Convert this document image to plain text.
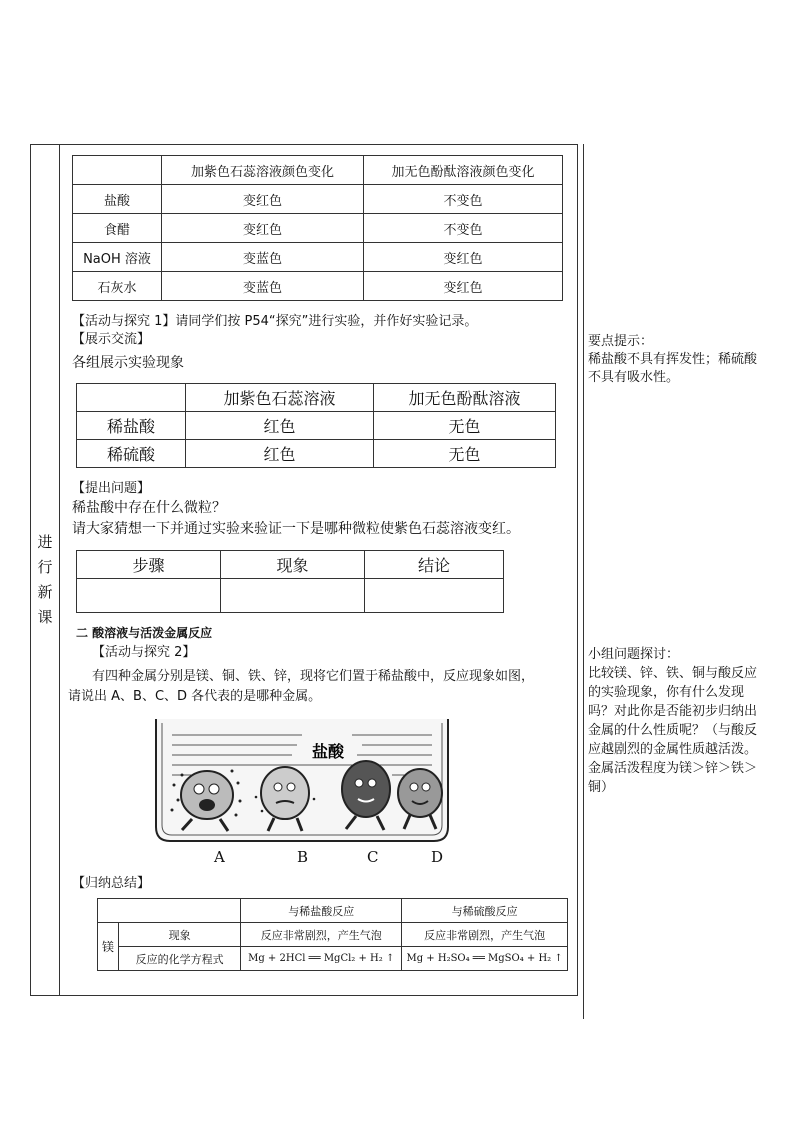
进
行
新
课
	加紫色石蕊溶液颜色变化	加无色酚酞溶液颜色变化
盐酸	变红色	不变色
食醋	变红色	不变色
NaOH 溶液	变蓝色	变红色
石灰水	变蓝色	变红色
【活动与探究 1】请同学们按 P54“探究”进行实验，并作好实验记录。
【展示交流】
各组展示实验现象
	加紫色石蕊溶液	加无色酚酞溶液
稀盐酸	红色	无色
稀硫酸	红色	无色
【提出问题】
稀盐酸中存在什么微粒？
请大家猜想一下并通过实验来验证一下是哪种微粒使紫色石蕊溶液变红。
步骤	现象	结论

二 酸溶液与活泼金属反应
【活动与探究 2】
有四种金属分别是镁、铜、铁、锌，现将它们置于稀盐酸中，反应现象如图，
请说出 A、B、C、D 各代表的是哪种金属。
盐酸
A	B	C	D
【归纳总结】
		与稀盐酸反应	与稀硫酸反应
镁	现象	反应非常剧烈，产生气泡	反应非常剧烈，产生气泡
	反应的化学方程式	Mg + 2HCl ══ MgCl₂ + H₂ ↑	Mg + H₂SO₄ ══ MgSO₄ + H₂ ↑
要点提示：
稀盐酸不具有挥发性；稀硫酸不具有吸水性。
小组问题探讨：
比较镁、锌、铁、铜与酸反应的实验现象，你有什么发现吗？对此你是否能初步归纳出金属的什么性质呢？（与酸反应越剧烈的金属性质越活泼。金属活泼程度为镁＞锌＞铁＞铜）
